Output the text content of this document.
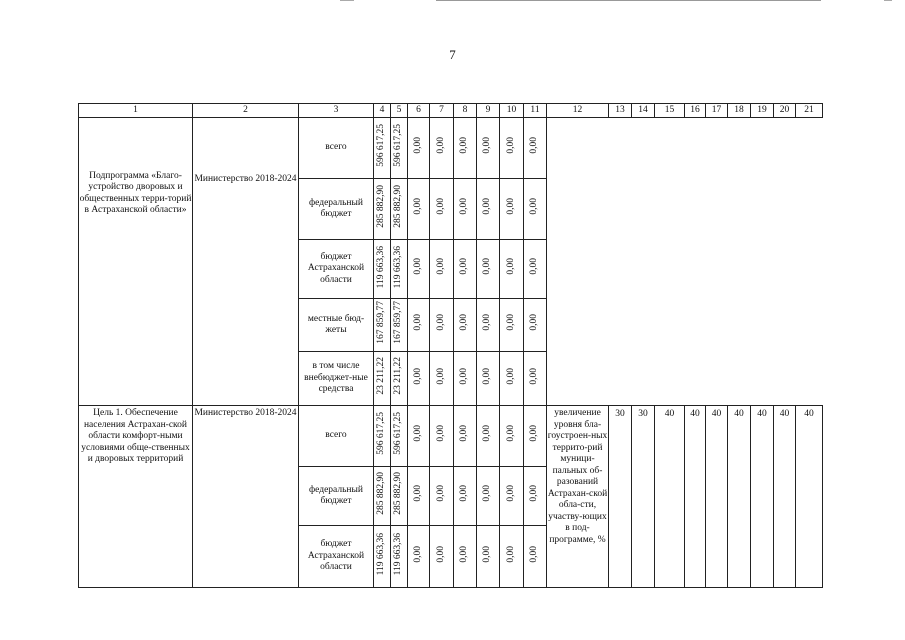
7
1	2	3	4	5	6	7	8	9	10	11	12	13	14	15	16	17	18	19	20	21
Подпрограмма «Благо-устройство дворовых и общественных терри-торий в Астраханской области»	Министерство 2018-2024	всего	596 617,25	596 617,25	0,00	0,00	0,00	0,00	0,00	0,00										
		федеральный бюджет	285 882,90	285 882,90	0,00	0,00	0,00	0,00	0,00	0,00										
		бюджет Астраханской области	119 663,36	119 663,36	0,00	0,00	0,00	0,00	0,00	0,00										
		местные бюд-жеты	167 859,77	167 859,77	0,00	0,00	0,00	0,00	0,00	0,00										
		в том числе внебюджет-ные средства	23 211,22	23 211,22	0,00	0,00	0,00	0,00	0,00	0,00										
Цель 1. Обеспечение населения Астрахан-ской области комфорт-ными условиями обще-ственных и дворовых территорий	Министерство 2018-2024	всего	596 617,25	596 617,25	0,00	0,00	0,00	0,00	0,00	0,00	увеличение уровня бла-гоустроен-ных террито-рий муници-пальных об-разований Астрахан-ской обла-сти, участву-ющих в под-программе, %	30	30	40	40	40	40	40	40	40
		федеральный бюджет	285 882,90	285 882,90	0,00	0,00	0,00	0,00	0,00	0,00										
		бюджет Астраханской области	119 663,36	119 663,36	0,00	0,00	0,00	0,00	0,00	0,00										
